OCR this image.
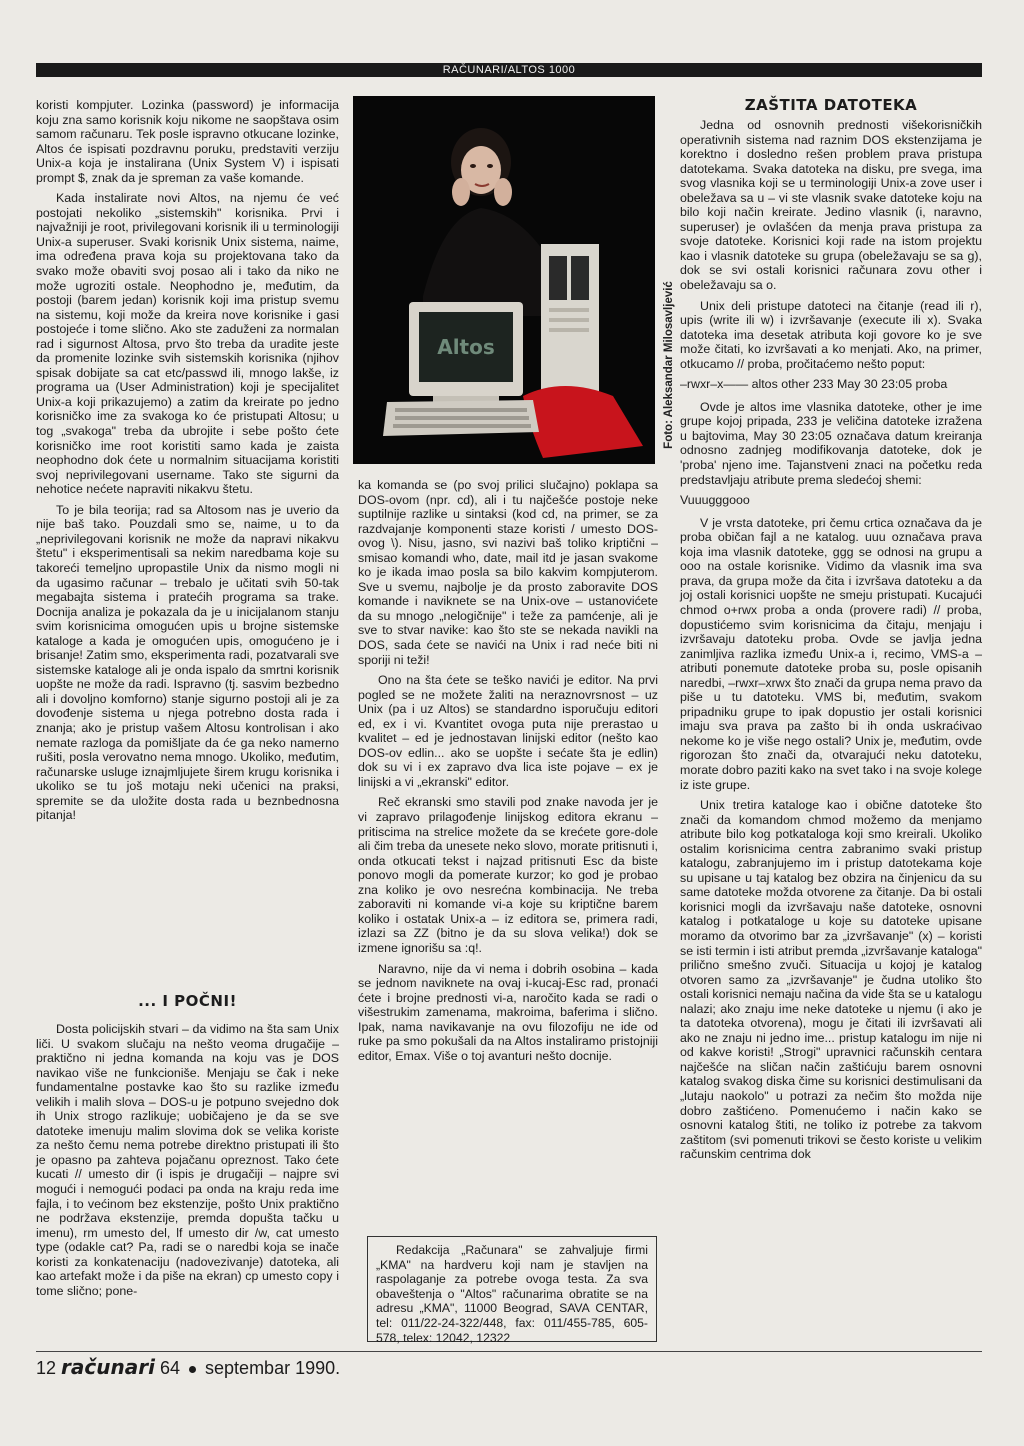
RAČUNARI/ALTOS 1000

koristi kompjuter. Lozinka (password) je informacija koju zna samo korisnik koju nikome ne saopštava osim samom računaru. Tek posle ispravno otkucane lozinke, Altos će ispisati pozdravnu poruku, predstaviti verziju Unix-a koja je instalirana (Unix System V) i ispisati prompt $, znak da je spreman za vaše komande.

Kada instalirate novi Altos, na njemu će već postojati nekoliko „sistemskih" korisnika. Prvi i najvažniji je root, privilegovani korisnik ili u terminologiji Unix-a superuser. Svaki korisnik Unix sistema, naime, ima određena prava koja su projektovana tako da svako može obaviti svoj posao ali i tako da niko ne može ugroziti ostale. Neophodno je, međutim, da postoji (barem jedan) korisnik koji ima pristup svemu na sistemu, koji može da kreira nove korisnike i gasi postojeće i tome slično. Ako ste zaduženi za normalan rad i sigurnost Altosa, prvo što treba da uradite jeste da promenite lozinke svih sistemskih korisnika (njihov spisak dobijate sa cat etc/passwd ili, mnogo lakše, iz programa ua (User Administration) koji je specijalitet Unix-a koji prikazujemo) a zatim da kreirate po jedno korisničko ime za svakoga ko će pristupati Altosu; u tog „svakoga" treba da ubrojite i sebe pošto ćete korisničko ime root koristiti samo kada je zaista neophodno dok ćete u normalnim situacijama koristiti svoj neprivilegovani username. Tako ste sigurni da nehotice nećete napraviti nikakvu štetu.

To je bila teorija; rad sa Altosom nas je uverio da nije baš tako. Pouzdali smo se, naime, u to da „neprivilegovani korisnik ne može da napravi nikakvu štetu" i eksperimentisali sa nekim naredbama koje su takoreći temeljno upropastile Unix da nismo mogli ni da ugasimo računar – trebalo je učitati svih 50-tak megabajta sistema i pratećih programa sa trake. Docnija analiza je pokazala da je u inicijalanom stanju svim korisnicima omogućen upis u brojne sistemske kataloge a kada je omogućen upis, omogućeno je i brisanje! Zatim smo, eksperimenta radi, pozatvarali sve sistemske kataloge ali je onda ispalo da smrtni korisnik uopšte ne može da radi. Ispravno (tj. sasvim bezbedno ali i dovoljno komforno) stanje sigurno postoji ali je za dovođenje sistema u njega potrebno dosta rada i znanja; ako je pristup vašem Altosu kontrolisan i ako nemate razloga da pomišljate da će ga neko namerno rušiti, posla verovatno nema mnogo. Ukoliko, međutim, računarske usluge iznajmljujete širem krugu korisnika i ukoliko se tu još motaju neki učenici na praksi, spremite se da uložite dosta rada u beznbednosna pitanja!

... I POČNI!

Dosta policijskih stvari – da vidimo na šta sam Unix liči. U svakom slučaju na nešto veoma drugačije – praktično ni jedna komanda na koju vas je DOS navikao više ne funkcioniše. Menjaju se čak i neke fundamentalne postavke kao što su razlike između velikih i malih slova – DOS-u je potpuno svejedno dok ih Unix strogo razlikuje; uobičajeno je da se sve datoteke imenuju malim slovima dok se velika koriste za nešto čemu nema potrebe direktno pristupati ili što je opasno pa zahteva pojačanu opreznost. Tako ćete kucati // umesto dir (i ispis je drugačiji – najpre svi mogući i nemogući podaci pa onda na kraju reda ime fajla, i to većinom bez ekstenzije, pošto Unix praktično ne podržava ekstenzije, premda dopušta tačku u imenu), rm umesto del, lf umesto dir /w, cat umesto type (odakle cat? Pa, radi se o naredbi koja se inače koristi za konkatenaciju (nadovezivanje) datoteka, ali kao artefakt može i da piše na ekran) cp umesto copy i tome slično; pone-

Altos	Foto: Aleksandar Milosavljević

ka komanda se (po svoj prilici slučajno) poklapa sa DOS-ovom (npr. cd), ali i tu najčešće postoje neke suptilnije razlike u sintaksi (kod cd, na primer, se za razdvajanje komponenti staze koristi / umesto DOS-ovog \). Nisu, jasno, svi nazivi baš toliko kriptični – smisao komandi who, date, mail itd je jasan svakome ko je ikada imao posla sa bilo kakvim kompjuterom. Sve u svemu, najbolje je da prosto zaboravite DOS komande i naviknete se na Unix-ove – ustanovićete da su mnogo „nelogičnije" i teže za pamćenje, ali je sve to stvar navike: kao što ste se nekada navikli na DOS, sada ćete se navići na Unix i rad neće biti ni sporiji ni teži!

Ono na šta ćete se teško navići je editor. Na prvi pogled se ne možete žaliti na neraznovrsnost – uz Unix (pa i uz Altos) se standardno isporučuju editori ed, ex i vi. Kvantitet ovoga puta nije prerastao u kvalitet – ed je jednostavan linijski editor (nešto kao DOS-ov edlin... ako se uopšte i sećate šta je edlin) dok su vi i ex zapravo dva lica iste pojave – ex je linijski a vi „ekranski" editor.

Reč ekranski smo stavili pod znake navoda jer je vi zapravo prilagođenje linijskog editora ekranu – pritiscima na strelice možete da se krećete gore-dole ali čim treba da unesete neko slovo, morate pritisnuti i, onda otkucati tekst i najzad pritisnuti Esc da biste ponovo mogli da pomerate kurzor; ko god je probao zna koliko je ovo nesrećna kombinacija. Ne treba zaboraviti ni komande vi-a koje su kriptične barem koliko i ostatak Unix-a – iz editora se, primera radi, izlazi sa ZZ (bitno je da su slova velika!) dok se izmene ignorišu sa :q!.

Naravno, nije da vi nema i dobrih osobina – kada se jednom naviknete na ovaj i-kucaj-Esc rad, pronaći ćete i brojne prednosti vi-a, naročito kada se radi o višestrukim zamenama, makroima, baferima i slično. Ipak, nama navikavanje na ovu filozofiju ne ide od ruke pa smo pokušali da na Altos instaliramo pristojniji editor, Emax. Više o toj avanturi nešto docnije.

Redakcija „Računara" se zahvaljuje firmi „KMA" na hardveru koji nam je stavljen na raspolaganje za potrebe ovoga testa. Za sva obaveštenja o "Altos" računarima obratite se na adresu „KMA", 11000 Beograd, SAVA CENTAR, tel: 011/22-24-322/448, fax: 011/455-785, 605-578, telex: 12042, 12322

ZAŠTITA DATOTEKA

Jedna od osnovnih prednosti višekorisničkih operativnih sistema nad raznim DOS ekstenzijama je korektno i dosledno rešen problem prava pristupa datotekama. Svaka datoteka na disku, pre svega, ima svog vlasnika koji se u terminologiji Unix-a zove user i obeležava sa u – vi ste vlasnik svake datoteke koju na bilo koji način kreirate. Jedino vlasnik (i, naravno, superuser) je ovlašćen da menja prava pristupa za svoje datoteke. Korisnici koji rade na istom projektu kao i vlasnik datoteke su grupa (obeležavaju se sa g), dok se svi ostali korisnici računara zovu other i obeležavaju sa o.

Unix deli pristupe datoteci na čitanje (read ili r), upis (write ili w) i izvršavanje (execute ili x). Svaka datoteka ima desetak atributa koji govore ko je sve može čitati, ko izvršavati a ko menjati. Ako, na primer, otkucamo // proba, pročitaćemo nešto poput:

–rwxr–x—— altos other 233 May 30 23:05 proba

Ovde je altos ime vlasnika datoteke, other je ime grupe kojoj pripada, 233 je veličina datoteke izražena u bajtovima, May 30 23:05 označava datum kreiranja odnosno zadnjeg modifikovanja datoteke, dok je 'proba' njeno ime. Tajanstveni znaci na početku reda predstavljaju atribute prema sledećoj shemi:

Vuuugggooo

V je vrsta datoteke, pri čemu crtica označava da je proba običan fajl a ne katalog. uuu označava prava koja ima vlasnik datoteke, ggg se odnosi na grupu a ooo na ostale korisnike. Vidimo da vlasnik ima sva prava, da grupa može da čita i izvršava datoteku a da joj ostali korisnici uopšte ne smeju pristupati. Kucajući chmod o+rwx proba a onda (provere radi) // proba, dopustićemo svim korisnicima da čitaju, menjaju i izvršavaju datoteku proba. Ovde se javlja jedna zanimljiva razlika između Unix-a i, recimo, VMS-a – atributi ponemute datoteke proba su, posle opisanih naredbi, –rwxr–xrwx što znači da grupa nema pravo da piše u tu datoteku. VMS bi, međutim, svakom pripadniku grupe to ipak dopustio jer ostali korisnici imaju sva prava pa zašto bi ih onda uskraćivao nekome ko je više nego ostali? Unix je, međutim, ovde rigorozan što znači da, otvarajući neku datoteku, morate dobro paziti kako na svet tako i na svoje kolege iz iste grupe.

Unix tretira kataloge kao i obične datoteke što znači da komandom chmod možemo da menjamo atribute bilo kog potkataloga koji smo kreirali. Ukoliko ostalim korisnicima centra zabranimo svaki pristup katalogu, zabranjujemo im i pristup datotekama koje su upisane u taj katalog bez obzira na činjenicu da su same datoteke možda otvorene za čitanje. Da bi ostali korisnici mogli da izvršavaju naše datoteke, osnovni katalog i potkataloge u koje su datoteke upisane moramo da otvorimo bar za „izvršavanje" (x) – koristi se isti termin i isti atribut premda „izvršavanje kataloga" prilično smešno zvuči. Situacija u kojoj je katalog otvoren samo za „izvršavanje" je čudna utoliko što ostali korisnici nemaju načina da vide šta se u katalogu nalazi; ako znaju ime neke datoteke u njemu (i ako je ta datoteka otvorena), mogu je čitati ili izvršavati ali ako ne znaju ni jedno ime... pristup katalogu im nije ni od kakve koristi! „Strogi" upravnici računskih centara najčešće na sličan način zaštićuju barem osnovni katalog svakog diska čime su korisnici destimulisani da „lutaju naokolo" u potrazi za nečim što možda nije dobro zaštićeno. Pomenućemo i način kako se osnovni katalog štiti, ne toliko iz potrebe za takvom zaštitom (svi pomenuti trikovi se često koriste u velikim računskim centrima dok

12 računari 64 septembar 1990.
